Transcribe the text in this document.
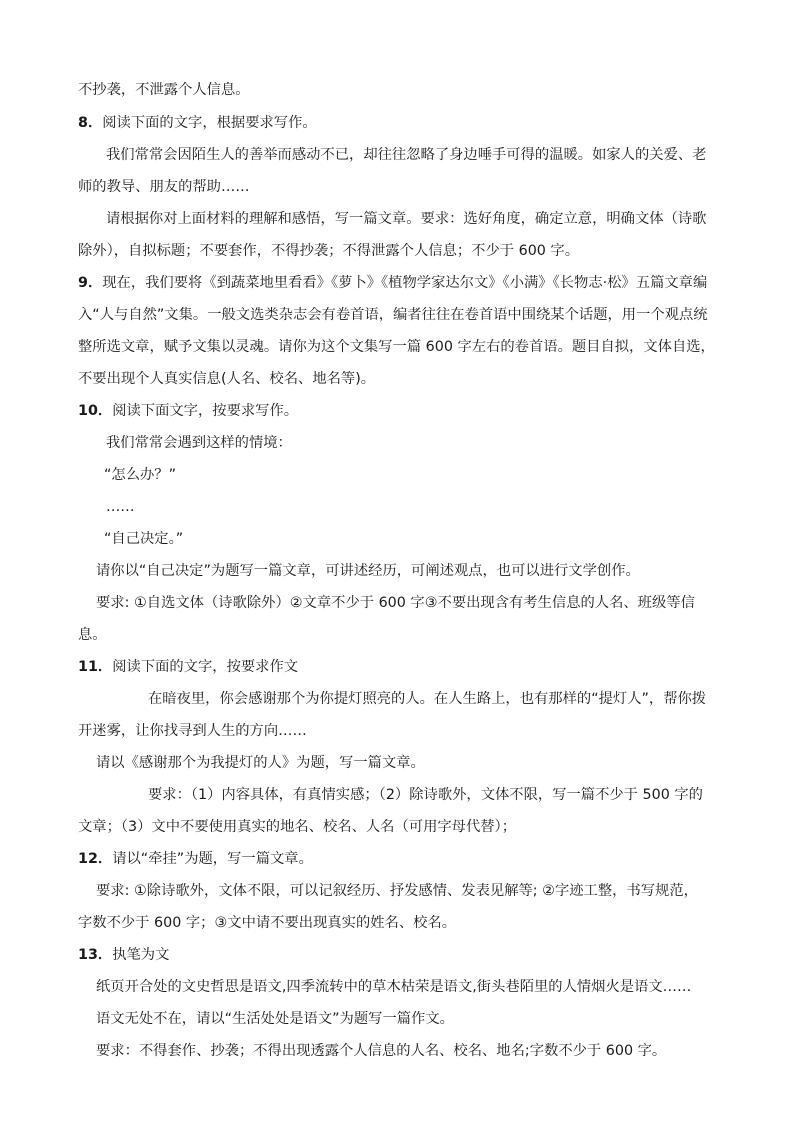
不抄袭，不泄露个人信息。
8．阅读下面的文字，根据要求写作。
我们常常会因陌生人的善举而感动不已，却往往忽略了身边唾手可得的温暖。如家人的关爱、老
师的教导、朋友的帮助……
请根据你对上面材料的理解和感悟，写一篇文章。要求：选好角度，确定立意，明确文体（诗歌
除外），自拟标题；不要套作，不得抄袭；不得泄露个人信息；不少于 600 字。
9．现在，我们要将《到蔬菜地里看看》《萝卜》《植物学家达尔文》《小满》《长物志·松》五篇文章编
入“人与自然”文集。一般文选类杂志会有卷首语，编者往往在卷首语中围绕某个话题，用一个观点统
整所选文章，赋予文集以灵魂。请你为这个文集写一篇 600 字左右的卷首语。题目自拟，文体自选，
不要出现个人真实信息(人名、校名、地名等)。
10．阅读下面文字，按要求写作。
我们常常会遇到这样的情境：
“怎么办？”
……
“自己决定。”
请你以“自己决定”为题写一篇文章，可讲述经历，可阐述观点，也可以进行文学创作。
要求: ①自选文体（诗歌除外）②文章不少于 600 字③不要出现含有考生信息的人名、班级等信
息。
11．阅读下面的文字，按要求作文
在暗夜里，你会感谢那个为你提灯照亮的人。在人生路上，也有那样的“提灯人”，帮你拨
开迷雾，让你找寻到人生的方向……
请以《感谢那个为我提灯的人》为题，写一篇文章。
要求：（1）内容具体，有真情实感；（2）除诗歌外，文体不限，写一篇不少于 500 字的
文章；（3）文中不要使用真实的地名、校名、人名（可用字母代替）；
12．请以“牵挂”为题，写一篇文章。
要求: ①除诗歌外，文体不限，可以记叙经历、抒发感情、发表见解等; ②字迹工整，书写规范，
字数不少于 600 字；③文中请不要出现真实的姓名、校名。
13．执笔为文
纸页开合处的文史哲思是语文,四季流转中的草木枯荣是语文,街头巷陌里的人情烟火是语文……
语文无处不在，请以“生活处处是语文”为题写一篇作文。
要求：不得套作、抄袭；不得出现透露个人信息的人名、校名、地名;字数不少于 600 字。
